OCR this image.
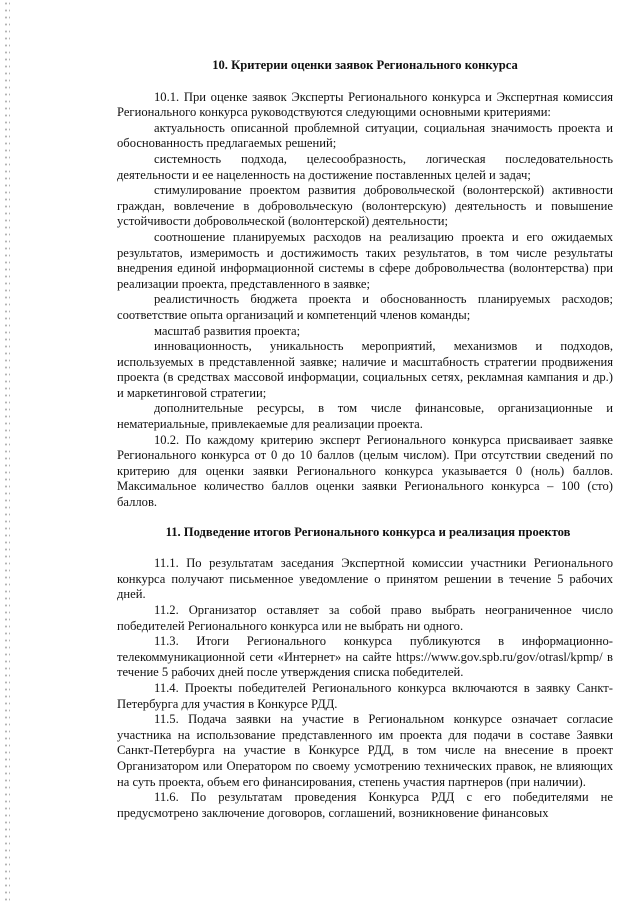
10. Критерии оценки заявок Регионального конкурса

10.1. При оценке заявок Эксперты Регионального конкурса и Экспертная комиссия Регионального конкурса руководствуются следующими основными критериями:

актуальность описанной проблемной ситуации, социальная значимость проекта и обоснованность предлагаемых решений;

системность подхода, целесообразность, логическая последовательность деятельности и ее нацеленность на достижение поставленных целей и задач;

стимулирование проектом развития добровольческой (волонтерской) активности граждан, вовлечение в добровольческую (волонтерскую) деятельность и повышение устойчивости добровольческой (волонтерской) деятельности;

соотношение планируемых расходов на реализацию проекта и его ожидаемых результатов, измеримость и достижимость таких результатов, в том числе результаты внедрения единой информационной системы в сфере добровольчества (волонтерства) при реализации проекта, представленного в заявке;

реалистичность бюджета проекта и обоснованность планируемых расходов; соответствие опыта организаций и компетенций членов команды;

масштаб развития проекта;

инновационность, уникальность мероприятий, механизмов и подходов, используемых в представленной заявке; наличие и масштабность стратегии продвижения проекта (в средствах массовой информации, социальных сетях, рекламная кампания и др.) и маркетинговой стратегии;

дополнительные ресурсы, в том числе финансовые, организационные и нематериальные, привлекаемые для реализации проекта.

10.2. По каждому критерию эксперт Регионального конкурса присваивает заявке Регионального конкурса от 0 до 10 баллов (целым числом). При отсутствии сведений по критерию для оценки заявки Регионального конкурса указывается 0 (ноль) баллов. Максимальное количество баллов оценки заявки Регионального конкурса – 100 (сто) баллов.

11. Подведение итогов Регионального конкурса и реализация проектов

11.1. По результатам заседания Экспертной комиссии участники Регионального конкурса получают письменное уведомление о принятом решении в течение 5 рабочих дней.

11.2. Организатор оставляет за собой право выбрать неограниченное число победителей Регионального конкурса или не выбрать ни одного.

11.3. Итоги Регионального конкурса публикуются в информационно-телекоммуникационной сети «Интернет» на сайте https://www.gov.spb.ru/gov/otrasl/kpmp/ в течение 5 рабочих дней после утверждения списка победителей.

11.4. Проекты победителей Регионального конкурса включаются в заявку Санкт-Петербурга для участия в Конкурсе РДД.

11.5. Подача заявки на участие в Региональном конкурсе означает согласие участника на использование представленного им проекта для подачи в составе Заявки Санкт-Петербурга на участие в Конкурсе РДД, в том числе на внесение в проект Организатором или Оператором по своему усмотрению технических правок, не влияющих на суть проекта, объем его финансирования, степень участия партнеров (при наличии).

11.6. По результатам проведения Конкурса РДД с его победителями не предусмотрено заключение договоров, соглашений, возникновение финансовых
